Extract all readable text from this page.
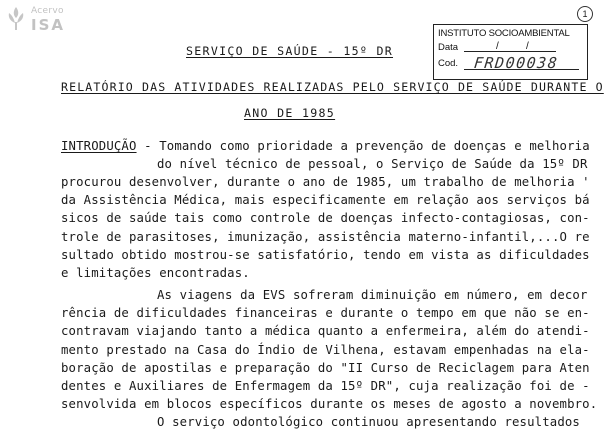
Acervo
ISA
1
INSTITUTO SOCIOAMBIENTAL
Data	/	/
Cod. FRD00038
SERVIÇO DE SAÚDE - 15º DR
RELATÓRIO DAS ATIVIDADES REALIZADAS PELO SERVIÇO DE SAÚDE DURANTE O
ANO DE 1985
INTRODUÇÃO - Tomando como prioridade a prevenção de doenças e melhoria
do nível técnico de pessoal, o Serviço de Saúde da 15º DR
procurou desenvolver, durante o ano de 1985, um trabalho de melhoria '
da Assistência Médica, mais especificamente em relação aos serviços bá
sicos de saúde tais como controle de doenças infecto-contagiosas, con-
trole de parasitoses, imunização, assistência materno-infantil,...O re
sultado obtido mostrou-se satisfatório, tendo em vista as dificuldades
e limitações encontradas.
As viagens da EVS sofreram diminuição em número, em decor
rência de dificuldades financeiras e durante o tempo em que não se en-
contravam viajando tanto a médica quanto a enfermeira, além do atendi-
mento prestado na Casa do Índio de Vilhena, estavam empenhadas na ela-
boração de apostilas e preparação do "II Curso de Reciclagem para Aten
dentes e Auxiliares de Enfermagem da 15º DR", cuja realização foi de -
senvolvida em blocos específicos durante os meses de agosto a novembro.
O serviço odontológico continuou apresentando resultados
